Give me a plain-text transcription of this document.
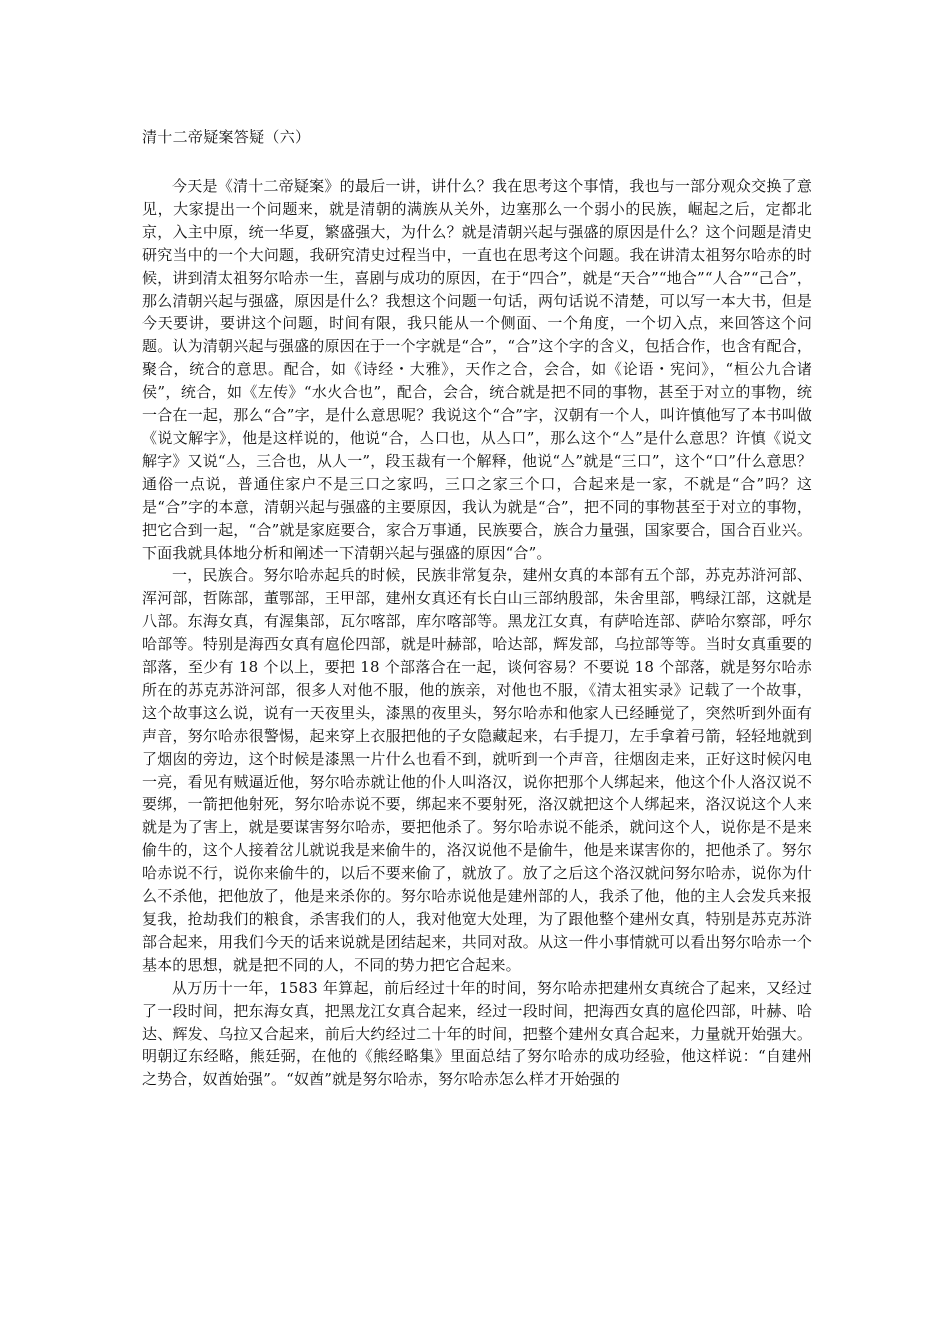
清十二帝疑案答疑（六）

今天是《清十二帝疑案》的最后一讲，讲什么？我在思考这个事情，我也与一部分观众交换了意见，大家提出一个问题来，就是清朝的满族从关外，边塞那么一个弱小的民族，崛起之后，定都北京，入主中原，统一华夏，繁盛强大，为什么？就是清朝兴起与强盛的原因是什么？这个问题是清史研究当中的一个大问题，我研究清史过程当中，一直也在思考这个问题。我在讲清太祖努尔哈赤的时候，讲到清太祖努尔哈赤一生，喜剧与成功的原因，在于“四合”，就是“天合”“地合”“人合”“己合”，那么清朝兴起与强盛，原因是什么？我想这个问题一句话，两句话说不清楚，可以写一本大书，但是今天要讲，要讲这个问题，时间有限，我只能从一个侧面、一个角度，一个切入点，来回答这个问题。认为清朝兴起与强盛的原因在于一个字就是“合”，“合”这个字的含义，包括合作，也含有配合，聚合，统合的意思。配合，如《诗经・大雅》，天作之合，会合，如《论语・宪问》，“桓公九合诸侯”，统合，如《左传》“水火合也”，配合，会合，统合就是把不同的事物，甚至于对立的事物，统一合在一起，那么“合”字，是什么意思呢？我说这个“合”字，汉朝有一个人，叫许慎他写了本书叫做《说文解字》，他是这样说的，他说“合，亼口也，从亼口”，那么这个“亼”是什么意思？许慎《说文解字》又说“亼，三合也，从人一”，段玉裁有一个解释，他说“亼”就是“三口”，这个“口”什么意思？通俗一点说，普通住家户不是三口之家吗，三口之家三个口，合起来是一家，不就是“合”吗？这是“合”字的本意，清朝兴起与强盛的主要原因，我认为就是“合”，把不同的事物甚至于对立的事物，把它合到一起，“合”就是家庭要合，家合万事通，民族要合，族合力量强，国家要合，国合百业兴。下面我就具体地分析和阐述一下清朝兴起与强盛的原因“合”。

一，民族合。努尔哈赤起兵的时候，民族非常复杂，建州女真的本部有五个部，苏克苏浒河部、浑河部，哲陈部，董鄂部，王甲部，建州女真还有长白山三部纳殷部，朱舍里部，鸭绿江部，这就是八部。东海女真，有渥集部，瓦尔喀部，库尔喀部等。黑龙江女真，有萨哈连部、萨哈尔察部，呼尔哈部等。特别是海西女真有扈伦四部，就是叶赫部，哈达部，辉发部，乌拉部等等。当时女真重要的部落，至少有 18 个以上，要把 18 个部落合在一起，谈何容易？不要说 18 个部落，就是努尔哈赤所在的苏克苏浒河部，很多人对他不服，他的族亲，对他也不服，《清太祖实录》记载了一个故事，这个故事这么说，说有一天夜里头，漆黑的夜里头，努尔哈赤和他家人已经睡觉了，突然听到外面有声音，努尔哈赤很警惕，起来穿上衣服把他的子女隐藏起来，右手提刀，左手拿着弓箭，轻轻地就到了烟囱的旁边，这个时候是漆黑一片什么也看不到，就听到一个声音，往烟囱走来，正好这时候闪电一亮，看见有贼逼近他，努尔哈赤就让他的仆人叫洛汉，说你把那个人绑起来，他这个仆人洛汉说不要绑，一箭把他射死，努尔哈赤说不要，绑起来不要射死，洛汉就把这个人绑起来，洛汉说这个人来就是为了害上，就是要谋害努尔哈赤，要把他杀了。努尔哈赤说不能杀，就问这个人，说你是不是来偷牛的，这个人接着岔儿就说我是来偷牛的，洛汉说他不是偷牛，他是来谋害你的，把他杀了。努尔哈赤说不行，说你来偷牛的，以后不要来偷了，就放了。放了之后这个洛汉就问努尔哈赤，说你为什么不杀他，把他放了，他是来杀你的。努尔哈赤说他是建州部的人，我杀了他，他的主人会发兵来报复我，抢劫我们的粮食，杀害我们的人，我对他宽大处理，为了跟他整个建州女真，特别是苏克苏浒部合起来，用我们今天的话来说就是团结起来，共同对敌。从这一件小事情就可以看出努尔哈赤一个基本的思想，就是把不同的人，不同的势力把它合起来。

从万历十一年，1583 年算起，前后经过十年的时间，努尔哈赤把建州女真统合了起来，又经过了一段时间，把东海女真，把黑龙江女真合起来，经过一段时间，把海西女真的扈伦四部，叶赫、哈达、辉发、乌拉又合起来，前后大约经过二十年的时间，把整个建州女真合起来，力量就开始强大。明朝辽东经略，熊廷弼，在他的《熊经略集》里面总结了努尔哈赤的成功经验，他这样说：“自建州之势合，奴酋始强”。“奴酋”就是努尔哈赤，努尔哈赤怎么样才开始强的
